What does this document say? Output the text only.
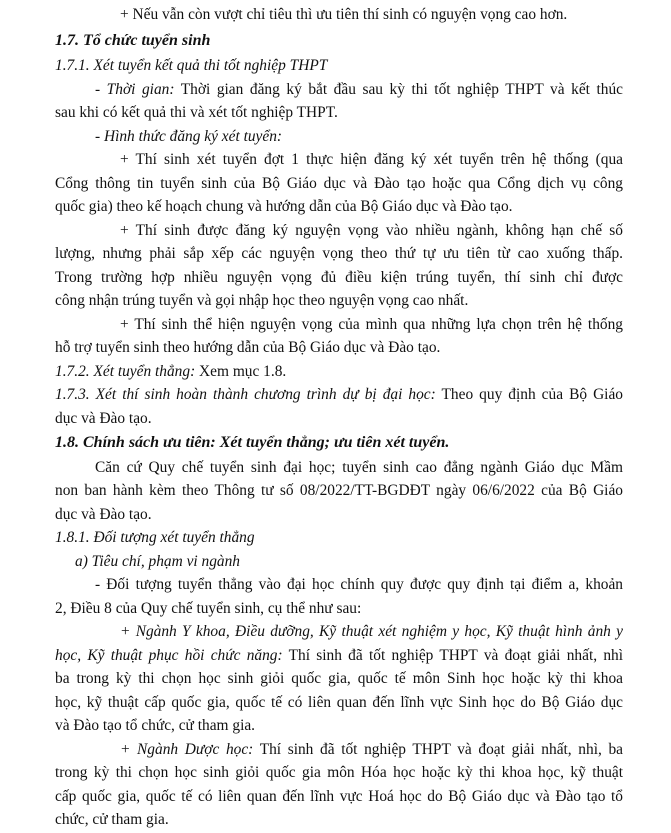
+ Nếu vẫn còn vượt chỉ tiêu thì ưu tiên thí sinh có nguyện vọng cao hơn.
1.7. Tổ chức tuyển sinh
1.7.1. Xét tuyển kết quả thi tốt nghiệp THPT
- Thời gian: Thời gian đăng ký bắt đầu sau kỳ thi tốt nghiệp THPT và kết thúc
sau khi có kết quả thi và xét tốt nghiệp THPT.
- Hình thức đăng ký xét tuyển:
+ Thí sinh xét tuyển đợt 1 thực hiện đăng ký xét tuyển trên hệ thống (qua
Cổng thông tin tuyển sinh của Bộ Giáo dục và Đào tạo hoặc qua Cổng dịch vụ công
quốc gia) theo kế hoạch chung và hướng dẫn của Bộ Giáo dục và Đào tạo.
+ Thí sinh được đăng ký nguyện vọng vào nhiều ngành, không hạn chế số
lượng, nhưng phải sắp xếp các nguyện vọng theo thứ tự ưu tiên từ cao xuống thấp.
Trong trường hợp nhiều nguyện vọng đủ điều kiện trúng tuyển, thí sinh chỉ được
công nhận trúng tuyển và gọi nhập học theo nguyện vọng cao nhất.
+ Thí sinh thể hiện nguyện vọng của mình qua những lựa chọn trên hệ thống
hỗ trợ tuyển sinh theo hướng dẫn của Bộ Giáo dục và Đào tạo.
1.7.2. Xét tuyển thẳng: Xem mục 1.8.
1.7.3. Xét thí sinh hoàn thành chương trình dự bị đại học: Theo quy định của Bộ Giáo
dục và Đào tạo.
1.8. Chính sách ưu tiên: Xét tuyển thẳng; ưu tiên xét tuyển.
Căn cứ Quy chế tuyển sinh đại học; tuyển sinh cao đẳng ngành Giáo dục Mầm
non ban hành kèm theo Thông tư số 08/2022/TT-BGDĐT ngày 06/6/2022 của Bộ Giáo
dục và Đào tạo.
1.8.1. Đối tượng xét tuyển thẳng
a) Tiêu chí, phạm vi ngành
- Đối tượng tuyển thẳng vào đại học chính quy được quy định tại điểm a, khoản
2, Điều 8 của Quy chế tuyển sinh, cụ thể như sau:
+ Ngành Y khoa, Điều dưỡng, Kỹ thuật xét nghiệm y học, Kỹ thuật hình ảnh y
học, Kỹ thuật phục hồi chức năng: Thí sinh đã tốt nghiệp THPT và đoạt giải nhất, nhì
ba trong kỳ thi chọn học sinh giỏi quốc gia, quốc tế môn Sinh học hoặc kỳ thi khoa
học, kỹ thuật cấp quốc gia, quốc tế có liên quan đến lĩnh vực Sinh học do Bộ Giáo dục
và Đào tạo tổ chức, cử tham gia.
+ Ngành Dược học: Thí sinh đã tốt nghiệp THPT và đoạt giải nhất, nhì, ba
trong kỳ thi chọn học sinh giỏi quốc gia môn Hóa học hoặc kỳ thi khoa học, kỹ thuật
cấp quốc gia, quốc tế có liên quan đến lĩnh vực Hoá học do Bộ Giáo dục và Đào tạo tổ
chức, cử tham gia.
